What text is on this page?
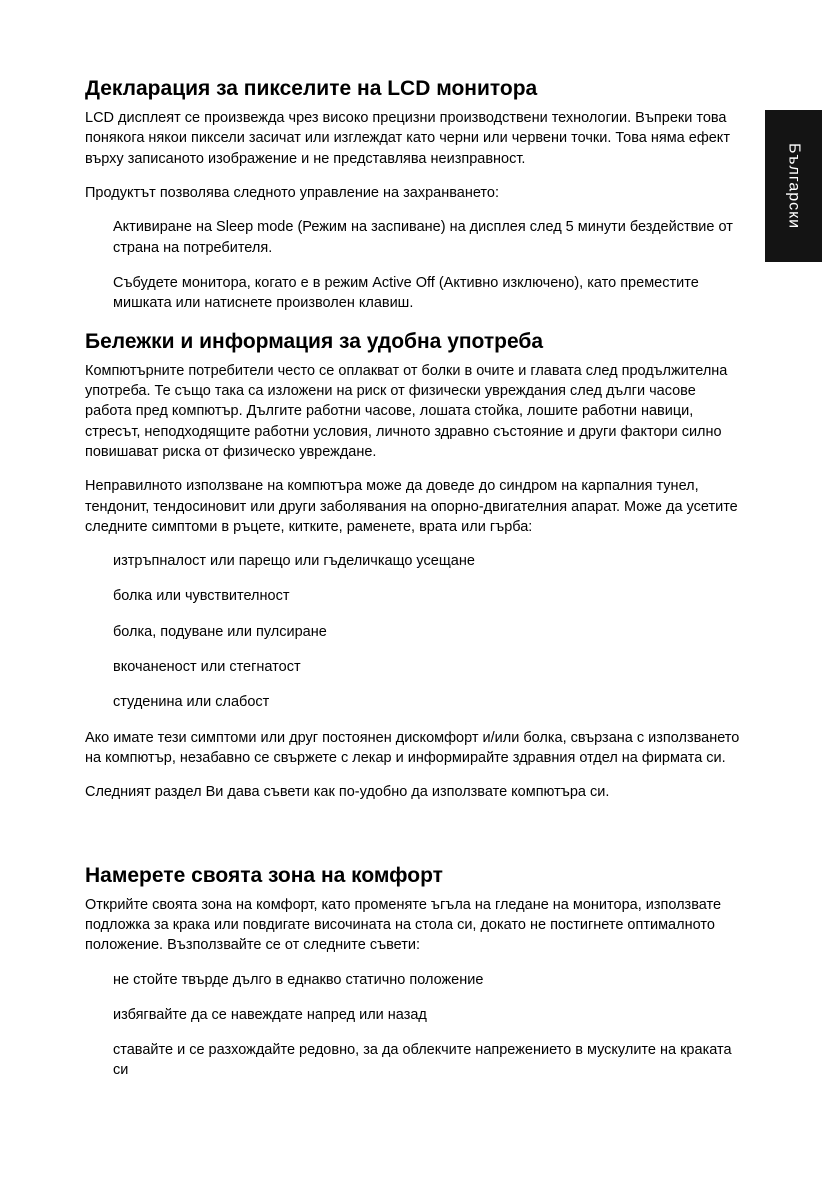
Български
Декларация за пикселите на LCD монитора

LCD дисплеят се произвежда чрез високо прецизни производствени технологии. Въпреки това понякога някои пиксели засичат или изглеждат като черни или червени точки. Това няма ефект върху записаното изображение и не представлява неизправност.

Продуктът позволява следното управление на захранването:

Активиране на Sleep mode (Режим на заспиване) на дисплея след 5 минути бездействие от страна на потребителя.

Събудете монитора, когато е в режим Active Off (Активно изключено), като преместите мишката или натиснете произволен клавиш.

Бележки и информация за удобна употреба

Компютърните потребители често се оплакват от болки в очите и главата след продължителна употреба. Те също така са изложени на риск от физически увреждания след дълги часове работа пред компютър. Дългите работни часове, лошата стойка, лошите работни навици, стресът, неподходящите работни условия, личното здравно състояние и други фактори силно повишават риска от физическо увреждане.

Неправилното използване на компютъра може да доведе до синдром на карпалния тунел, тендонит, тендосиновит или други заболявания на опорно-двигателния апарат. Може да усетите следните симптоми в ръцете, китките, раменете, врата или гърба:

изтръпналост или парещо или гъделичкащо усещане

болка или чувствителност

болка, подуване или пулсиране

вкочаненост или стегнатост

студенина или слабост

Ако имате тези симптоми или друг постоянен дискомфорт и/или болка, свързана с използването на компютър, незабавно се свържете с лекар и информирайте здравния отдел на фирмата си.

Следният раздел Ви дава съвети как по-удобно да използвате компютъра си.

Намерете своята зона на комфорт

Открийте своята зона на комфорт, като променяте ъгъла на гледане на монитора, използвате подложка за крака или повдигате височината на стола си, докато не постигнете оптималното положение. Възползвайте се от следните съвети:

не стойте твърде дълго в еднакво статично положение

избягвайте да се навеждате напред или назад

ставайте и се разхождайте редовно, за да облекчите напрежението в мускулите на краката си
